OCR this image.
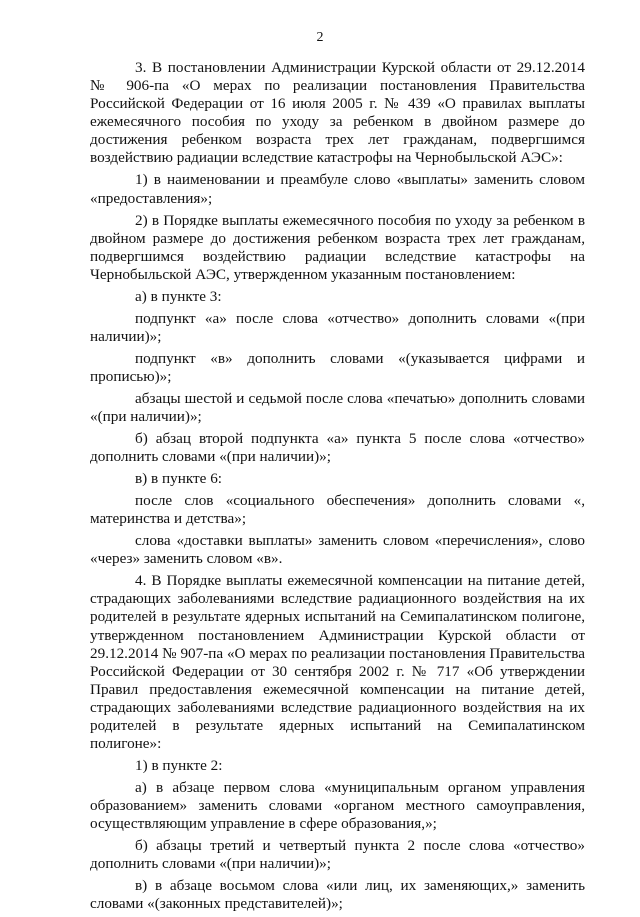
2

3. В постановлении Администрации Курской области от 29.12.2014 № 906-па «О мерах по реализации постановления Правительства Российской Федерации от 16 июля 2005 г. № 439 «О правилах выплаты ежемесячного пособия по уходу за ребенком в двойном размере до достижения ребенком возраста трех лет гражданам, подвергшимся воздействию радиации вследствие катастрофы на Чернобыльской АЭС»:

1) в наименовании и преамбуле слово «выплаты» заменить словом «предоставления»;

2) в Порядке выплаты ежемесячного пособия по уходу за ребенком в двойном размере до достижения ребенком возраста трех лет гражданам, подвергшимся воздействию радиации вследствие катастрофы на Чернобыльской АЭС, утвержденном указанным постановлением:

а) в пункте 3:

подпункт «а» после слова «отчество» дополнить словами «(при наличии)»;

подпункт «в» дополнить словами «(указывается цифрами и прописью)»;

абзацы шестой и седьмой после слова «печатью» дополнить словами «(при наличии)»;

б) абзац второй подпункта «а» пункта 5 после слова «отчество» дополнить словами «(при наличии)»;

в) в пункте 6:

после слов «социального обеспечения» дополнить словами «, материнства и детства»;

слова «доставки выплаты» заменить словом «перечисления», слово «через» заменить словом «в».

4. В Порядке выплаты ежемесячной компенсации на питание детей, страдающих заболеваниями вследствие радиационного воздействия на их родителей в результате ядерных испытаний на Семипалатинском полигоне, утвержденном постановлением Администрации Курской области от 29.12.2014 № 907-па «О мерах по реализации постановления Правительства Российской Федерации от 30 сентября 2002 г. № 717 «Об утверждении Правил предоставления ежемесячной компенсации на питание детей, страдающих заболеваниями вследствие радиационного воздействия на их родителей в результате ядерных испытаний на Семипалатинском полигоне»:

1) в пункте 2:

а) в абзаце первом слова «муниципальным органом управления образованием» заменить словами «органом местного самоуправления, осуществляющим управление в сфере образования,»;

б) абзацы третий и четвертый пункта 2 после слова «отчество» дополнить словами «(при наличии)»;

в) в абзаце восьмом слова «или лиц, их заменяющих,» заменить словами «(законных представителей)»;
